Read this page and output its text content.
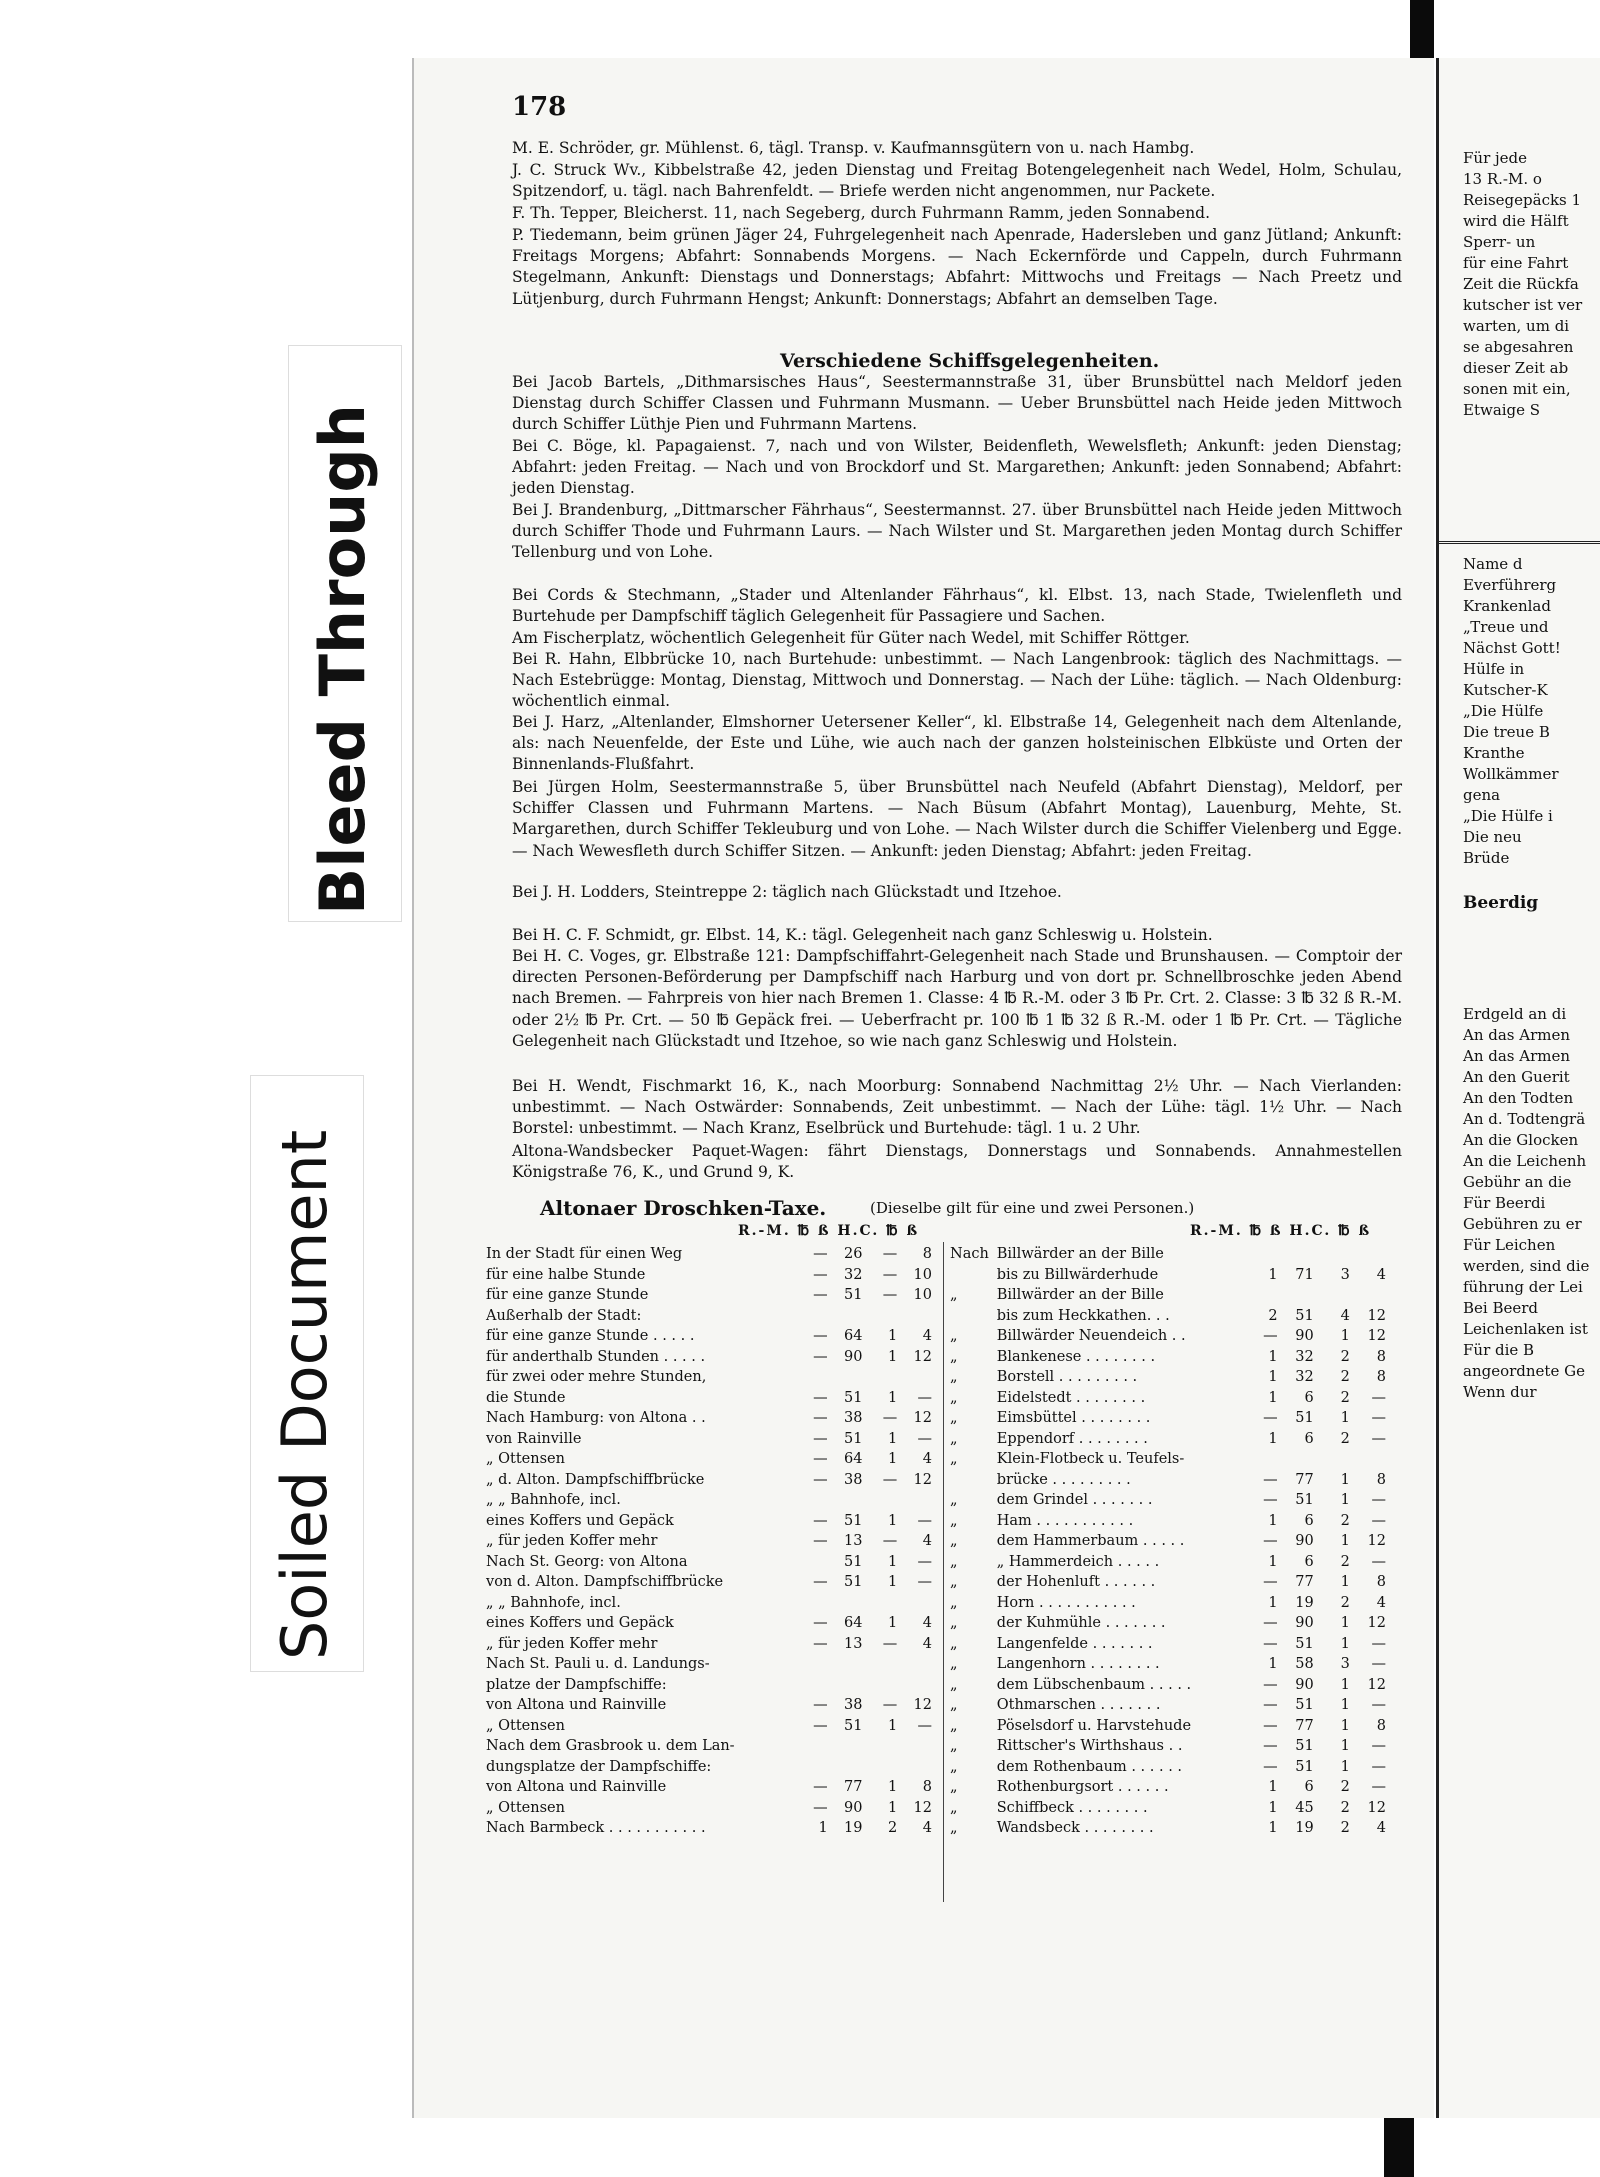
Bleed Through
Soiled Document
178
M. E. Schröder, gr. Mühlenst. 6, tägl. Transp. v. Kaufmannsgütern von u. nach Hambg.
J. C. Struck Wv., Kibbelstraße 42, jeden Dienstag und Freitag Botengelegenheit nach Wedel, Holm, Schulau, Spitzendorf, u. tägl. nach Bahrenfeldt. — Briefe werden nicht angenommen, nur Packete.
F. Th. Tepper, Bleicherst. 11, nach Segeberg, durch Fuhrmann Ramm, jeden Sonnabend.
P. Tiedemann, beim grünen Jäger 24, Fuhrgelegenheit nach Apenrade, Hadersleben und ganz Jütland; Ankunft: Freitags Morgens; Abfahrt: Sonnabends Morgens. — Nach Eckernförde und Cappeln, durch Fuhrmann Stegelmann, Ankunft: Dienstags und Donnerstags; Abfahrt: Mittwochs und Freitags — Nach Preetz und Lütjenburg, durch Fuhrmann Hengst; Ankunft: Donnerstags; Abfahrt an demselben Tage.
Verschiedene Schiffsgelegenheiten.
Bei Jacob Bartels, „Dithmarsisches Haus“, Seestermannstraße 31, über Brunsbüttel nach Meldorf jeden Dienstag durch Schiffer Classen und Fuhrmann Musmann. — Ueber Brunsbüttel nach Heide jeden Mittwoch durch Schiffer Lüthje Pien und Fuhrmann Martens.
Bei C. Böge, kl. Papagaienst. 7, nach und von Wilster, Beidenfleth, Wewelsfleth; Ankunft: jeden Dienstag; Abfahrt: jeden Freitag. — Nach und von Brockdorf und St. Margarethen; Ankunft: jeden Sonnabend; Abfahrt: jeden Dienstag.
Bei J. Brandenburg, „Dittmarscher Fährhaus“, Seestermannst. 27. über Brunsbüttel nach Heide jeden Mittwoch durch Schiffer Thode und Fuhrmann Laurs. — Nach Wilster und St. Margarethen jeden Montag durch Schiffer Tellenburg und von Lohe.
Bei Cords & Stechmann, „Stader und Altenlander Fährhaus“, kl. Elbst. 13, nach Stade, Twielenfleth und Burtehude per Dampfschiff täglich Gelegenheit für Passagiere und Sachen.
Am Fischerplatz, wöchentlich Gelegenheit für Güter nach Wedel, mit Schiffer Röttger.
Bei R. Hahn, Elbbrücke 10, nach Burtehude: unbestimmt. — Nach Langenbrook: täglich des Nachmittags. — Nach Estebrügge: Montag, Dienstag, Mittwoch und Donnerstag. — Nach der Lühe: täglich. — Nach Oldenburg: wöchentlich einmal.
Bei J. Harz, „Altenlander, Elmshorner Uetersener Keller“, kl. Elbstraße 14, Gelegenheit nach dem Altenlande, als: nach Neuenfelde, der Este und Lühe, wie auch nach der ganzen holsteinischen Elbküste und Orten der Binnenlands-Flußfahrt.
Bei Jürgen Holm, Seestermannstraße 5, über Brunsbüttel nach Neufeld (Abfahrt Dienstag), Meldorf, per Schiffer Classen und Fuhrmann Martens. — Nach Büsum (Abfahrt Montag), Lauenburg, Mehte, St. Margarethen, durch Schiffer Tekleuburg und von Lohe. — Nach Wilster durch die Schiffer Vielenberg und Egge. — Nach Wewesfleth durch Schiffer Sitzen. — Ankunft: jeden Dienstag; Abfahrt: jeden Freitag.
Bei J. H. Lodders, Steintreppe 2: täglich nach Glückstadt und Itzehoe.
Bei H. C. F. Schmidt, gr. Elbst. 14, K.: tägl. Gelegenheit nach ganz Schleswig u. Holstein.
Bei H. C. Voges, gr. Elbstraße 121: Dampfschiffahrt-Gelegenheit nach Stade und Brunshausen. — Comptoir der directen Personen-Beförderung per Dampfschiff nach Harburg und von dort pr. Schnellbroschke jeden Abend nach Bremen. — Fahrpreis von hier nach Bremen 1. Classe: 4 ℔ R.-M. oder 3 ℔ Pr. Crt. 2. Classe: 3 ℔ 32 ß R.-M. oder 2½ ℔ Pr. Crt. — 50 ℔ Gepäck frei. — Ueberfracht pr. 100 ℔ 1 ℔ 32 ß R.-M. oder 1 ℔ Pr. Crt. — Tägliche Gelegenheit nach Glückstadt und Itzehoe, so wie nach ganz Schleswig und Holstein.
Bei H. Wendt, Fischmarkt 16, K., nach Moorburg: Sonnabend Nachmittag 2½ Uhr. — Nach Vierlanden: unbestimmt. — Nach Ostwärder: Sonnabends, Zeit unbestimmt. — Nach der Lühe: tägl. 1½ Uhr. — Nach Borstel: unbestimmt. — Nach Kranz, Eselbrück und Burtehude: tägl. 1 u. 2 Uhr.
Altona-Wandsbecker Paquet-Wagen: fährt Dienstags, Donnerstags und Sonnabends. Annahmestellen Königstraße 76, K., und Grund 9, K.
Altonaer Droschken-Taxe.	(Dieselbe gilt für eine und zwei Personen.)
R.-M. ℔ ß H.C. ℔ ß	R.-M. ℔ ß H.C. ℔ ß
In der Stadt für einen Weg	—	26	—	8
für eine halbe Stunde	—	32	—	10
für eine ganze Stunde	—	51	—	10
Außerhalb der Stadt:				
für eine ganze Stunde . . . . .	—	64	1	4
für anderthalb Stunden . . . . .	—	90	1	12
für zwei oder mehre Stunden,				
die Stunde	—	51	1	—
Nach Hamburg: von Altona . .	—	38	—	12
von Rainville	—	51	1	—
„ Ottensen	—	64	1	4
„ d. Alton. Dampfschiffbrücke	—	38	—	12
„ „ Bahnhofe, incl.				
eines Koffers und Gepäck	—	51	1	—
„ für jeden Koffer mehr	—	13	—	4
Nach St. Georg: von Altona		51	1	—
von d. Alton. Dampfschiffbrücke	—	51	1	—
„ „ Bahnhofe, incl.				
eines Koffers und Gepäck	—	64	1	4
„ für jeden Koffer mehr	—	13	—	4
Nach St. Pauli u. d. Landungs-				
platze der Dampfschiffe:				
von Altona und Rainville	—	38	—	12
„ Ottensen	—	51	1	—
Nach dem Grasbrook u. dem Lan-				
dungsplatze der Dampfschiffe:				
von Altona und Rainville	—	77	1	8
„ Ottensen	—	90	1	12
Nach Barmbeck . . . . . . . . . . .	1	19	2	4
Nach	Billwärder an der Bille				
	bis zu Billwärderhude	1	71	3	4
„	Billwärder an der Bille				
	bis zum Heckkathen. . .	2	51	4	12
„	Billwärder Neuendeich . .	—	90	1	12
„	Blankenese . . . . . . . .	1	32	2	8
„	Borstell . . . . . . . . .	1	32	2	8
„	Eidelstedt . . . . . . . .	1	6	2	—
„	Eimsbüttel . . . . . . . .	—	51	1	—
„	Eppendorf . . . . . . . .	1	6	2	—
„	Klein-Flotbeck u. Teufels-				
	brücke . . . . . . . . .	—	77	1	8
„	dem Grindel . . . . . . .	—	51	1	—
„	Ham . . . . . . . . . . .	1	6	2	—
„	dem Hammerbaum . . . . .	—	90	1	12
„	„ Hammerdeich . . . . .	1	6	2	—
„	der Hohenluft . . . . . .	—	77	1	8
„	Horn . . . . . . . . . . .	1	19	2	4
„	der Kuhmühle . . . . . . .	—	90	1	12
„	Langenfelde . . . . . . .	—	51	1	—
„	Langenhorn . . . . . . . .	1	58	3	—
„	dem Lübschenbaum . . . . .	—	90	1	12
„	Othmarschen . . . . . . .	—	51	1	—
„	Pöselsdorf u. Harvstehude	—	77	1	8
„	Rittscher's Wirthshaus . .	—	51	1	—
„	dem Rothenbaum . . . . . .	—	51	1	—
„	Rothenburgsort . . . . . .	1	6	2	—
„	Schiffbeck . . . . . . . .	1	45	2	12
„	Wandsbeck . . . . . . . .	1	19	2	4
Für jede
13 R.-M. o
Reisegepäcks 1
wird die Hälft
Sperr- un
für eine Fahrt
Zeit die Rückfa
kutscher ist ver
warten, um di
se abgesahren
dieser Zeit ab
sonen mit ein,
Etwaige S
Name d
Everführerg
Krankenlad
„Treue und
Nächst Gott!
Hülfe in
Kutscher-K
„Die Hülfe
Die treue B
Kranthe
Wollkämmer
gena
„Die Hülfe i
Die neu
Brüde
Beerdig
Erdgeld an di
An das Armen
An das Armen
An den Guerit
An den Todten
An d. Todtengrä
An die Glocken
An die Leichenh
Gebühr an die
Für Beerdi
Gebühren zu er
Für Leichen
werden, sind die
führung der Lei
Bei Beerd
Leichenlaken ist
Für die B
angeordnete Ge
Wenn dur
